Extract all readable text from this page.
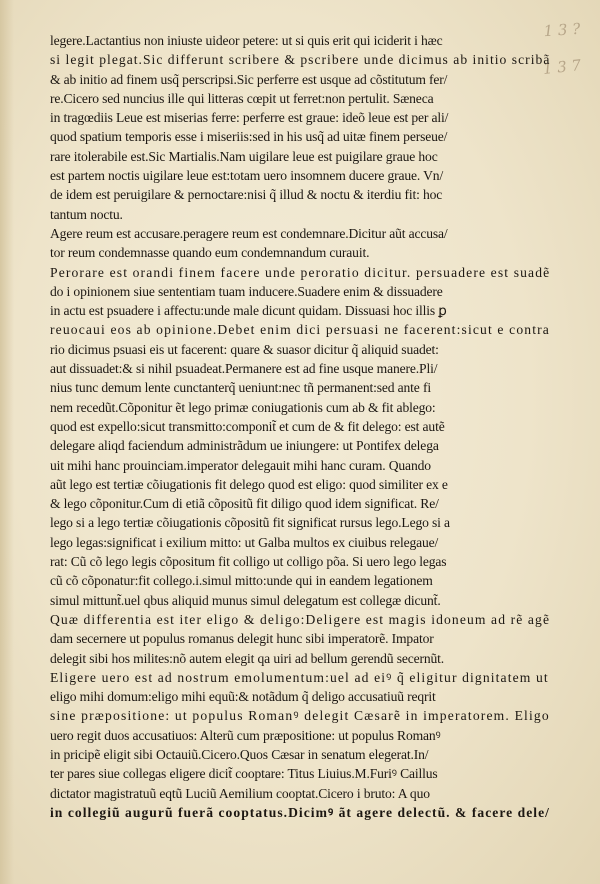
1 3 ?
1 3 7
legere.Lactantius non iniuste uideor petere: ut si quis erit qui iciderit i hæc
si legit plegat.Sic differunt scribere & pscribere unde dicimus ab initio scribã
& ab initio ad finem usq̃ perscripsi.Sic perferre est usque ad cõstitutum fer/
re.Cicero sed nuncius ille qui litteras cœpit ut ferret:non pertulit. Sæneca
in tragœdiis Leue est miserias ferre: perferre est graue: ideõ leue est per ali/
quod spatium temporis esse i miseriis:sed in his usq̃ ad uitæ finem perseue/
rare itolerabile est.Sic Martialis.Nam uigilare leue est puigilare graue hoc
est partem noctis uigilare leue est:totam uero insomnem ducere graue. Vn/
de idem est peruigilare & pernoctare:nisi q̃ illud & noctu & iterdiu fit: hoc
tantum noctu.
Agere reum est accusare.peragere reum est condemnare.Dicitur aũt accusa/
tor reum condemnasse quando eum condemnandum curauit.
Perorare est orandi finem facere unde peroratio dicitur. persuadere est suadẽ
do i opinionem siue sententiam tuam inducere.Suadere enim & dissuadere
in actu est psuadere i affectu:unde male dicunt quidam. Dissuasi hoc illis ꝑ
reuocaui eos ab opinione.Debet enim dici persuasi ne facerent:sicut e contra
rio dicimus psuasi eis ut facerent: quare & suasor dicitur q̃ aliquid suadet:
aut dissuadet:& si nihil psuadeat.Permanere est ad fine usque manere.Pli/
nius tunc demum lente cunctanterq̃ ueniunt:nec tñ permanent:sed ante fi
nem recedũt.Cõponitur ẽt lego primæ coniugationis cum ab & fit ablego:
quod est expello:sicut transmitto:componit̃ et cum de & fit delego: est autẽ
delegare aliqd faciendum administrãdum ue iniungere: ut Pontifex delega
uit mihi hanc prouinciam.imperator delegauit mihi hanc curam. Quando
aũt lego est tertiæ cõiugationis fit delego quod est eligo: quod similiter ex e
& lego cõponitur.Cum di etiã cõpositũ fit diligo quod idem significat. Re/
lego si a lego tertiæ cõiugationis cõpositũ fit significat rursus lego.Lego si a
lego legas:significat i exilium mitto: ut Galba multos ex ciuibus relegaue/
rat: Cũ cõ lego legis cõpositum fit colligo ut colligo põa. Si uero lego legas
cũ cõ cõponatur:fit collego.i.simul mitto:unde qui in eandem legationem
simul mittunt̃.uel qbus aliquid munus simul delegatum est collegæ dicunt̃.
Quæ differentia est iter eligo & deligo:Deligere est magis idoneum ad rẽ agẽ
dam secernere ut populus romanus delegit hunc sibi imperatorẽ. Impator
delegit sibi hos milites:nõ autem elegit qa uiri ad bellum gerendũ secernũt.
Eligere uero est ad nostrum emolumentum:uel ad eiꝰ q̃ eligitur dignitatem ut
eligo mihi domum:eligo mihi equũ:& notãdum q̃ deligo accusatiuũ reqrit
sine præpositione: ut populus Romanꝰ delegit Cæsarẽ in imperatorem. Eligo
uero regit duos accusatiuos: Alterũ cum præpositione: ut populus Romanꝰ
in pricipẽ eligit sibi Octauiũ.Cicero.Quos Cæsar in senatum elegerat.In/
ter pares siue collegas eligere dicit̃ cooptare: Titus Liuius.M.Furiꝰ Caillus
dictator magistratuũ eqtũ Luciũ Aemilium cooptat.Cicero i bruto: A quo
in collegiũ augurũ fuerã cooptatus.Dicimꝰ ãt agere delectũ. & facere dele/
